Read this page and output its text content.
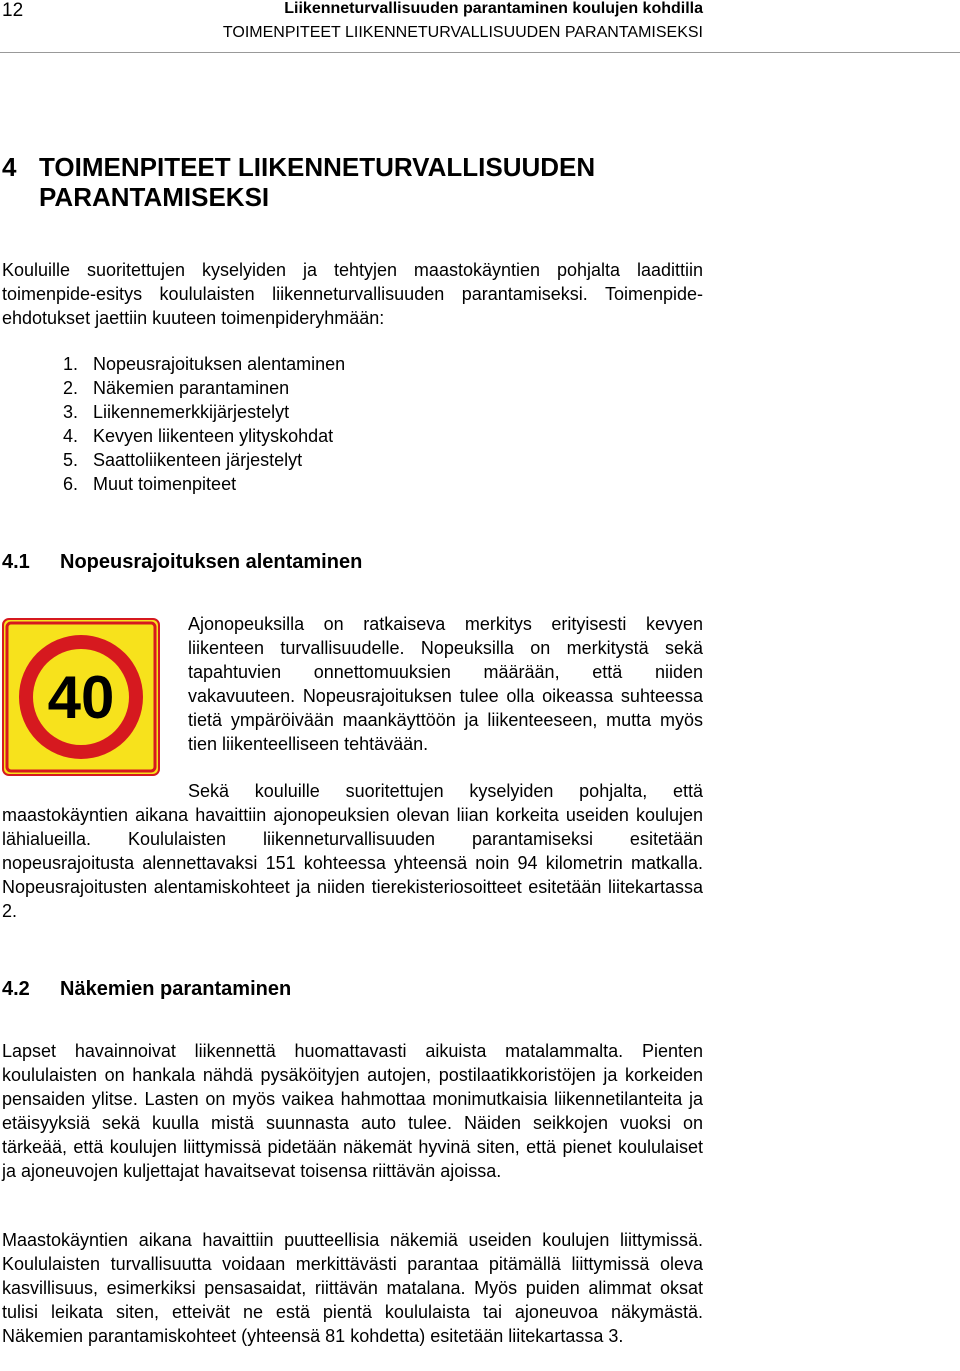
12	Liikenneturvallisuuden parantaminen koulujen kohdilla
TOIMENPITEET LIIKENNETURVALLISUUDEN PARANTAMISEKSI
4 TOIMENPITEET LIIKENNETURVALLISUUDEN
PARANTAMISEKSI
Kouluille suoritettujen kyselyiden ja tehtyjen maastokäyntien pohjalta laadittiin toimenpide-esitys koululaisten liikenneturvallisuuden parantamiseksi. Toimenpide-ehdotukset jaettiin kuuteen toimenpideryhmään:
1. Nopeusrajoituksen alentaminen
2. Näkemien parantaminen
3. Liikennemerkkijärjestelyt
4. Kevyen liikenteen ylityskohdat
5. Saattoliikenteen järjestelyt
6. Muut toimenpiteet
4.1 Nopeusrajoituksen alentaminen
40
Ajonopeuksilla on ratkaiseva merkitys erityisesti kevyen liikenteen turvallisuudelle. Nopeuksilla on merkitystä sekä tapahtuvien onnettomuuksien määrään, että niiden vakavuuteen. Nopeusrajoituksen tulee olla oikeassa suhteessa tietä ympäröivään maankäyttöön ja liikenteeseen, mutta myös tien liikenteelliseen tehtävään.
Sekä kouluille suoritettujen kyselyiden pohjalta, että maastokäyntien aikana havaittiin ajonopeuksien olevan liian korkeita useiden koulujen lähialueilla. Koululaisten liikenneturvallisuuden parantamiseksi esitetään nopeusrajoitusta alennettavaksi 151 kohteessa yhteensä noin 94 kilometrin matkalla. Nopeusrajoitusten alentamiskohteet ja niiden tierekisteriosoitteet esitetään liitekartassa 2.
4.2 Näkemien parantaminen
Lapset havainnoivat liikennettä huomattavasti aikuista matalammalta. Pienten koululaisten on hankala nähdä pysäköityjen autojen, postilaatikkoristöjen ja korkeiden pensaiden ylitse. Lasten on myös vaikea hahmottaa monimutkaisia liikennetilanteita ja etäisyyksiä sekä kuulla mistä suunnasta auto tulee. Näiden seikkojen vuoksi on tärkeää, että koulujen liittymissä pidetään näkemät hyvinä siten, että pienet koululaiset ja ajoneuvojen kuljettajat havaitsevat toisensa riittävän ajoissa.
Maastokäyntien aikana havaittiin puutteellisia näkemiä useiden koulujen liittymissä. Koululaisten turvallisuutta voidaan merkittävästi parantaa pitämällä liittymissä oleva kasvillisuus, esimerkiksi pensasaidat, riittävän matalana. Myös puiden alimmat oksat tulisi leikata siten, etteivät ne estä pientä koululaista tai ajoneuvoa näkymästä. Näkemien parantamiskohteet (yhteensä 81 kohdetta) esitetään liitekartassa 3.
